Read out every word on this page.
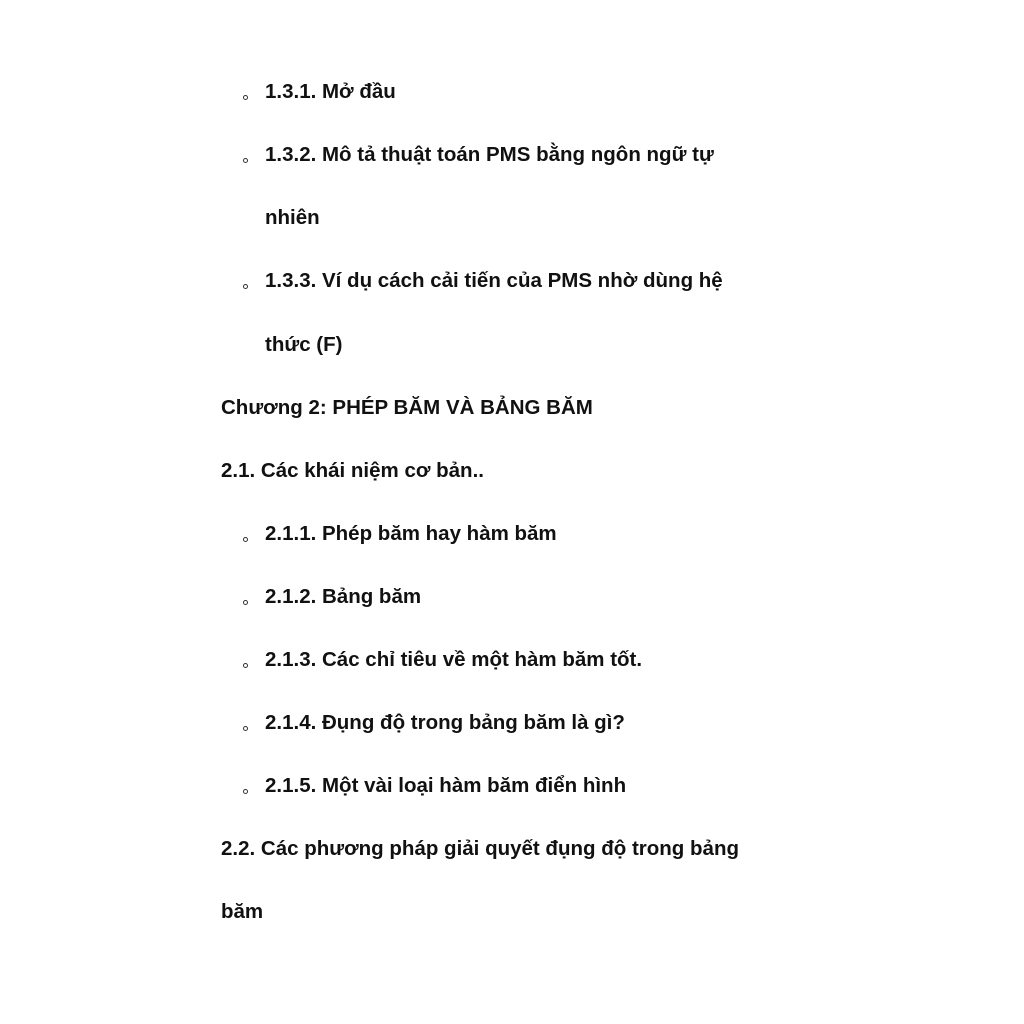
1.3.1. Mở đầu
1.3.2. Mô tả thuật toán PMS bằng ngôn ngữ tự
nhiên
1.3.3. Ví dụ cách cải tiến của PMS nhờ dùng hệ
thức (F)
Chương 2: PHÉP BĂM VÀ BẢNG BĂM
2.1. Các khái niệm cơ bản..
2.1.1. Phép băm hay hàm băm
2.1.2. Bảng băm
2.1.3. Các chỉ tiêu về một hàm băm tốt.
2.1.4. Đụng độ trong bảng băm là gì?
2.1.5. Một vài loại hàm băm điển hình
2.2. Các phương pháp giải quyết đụng độ trong bảng
băm
